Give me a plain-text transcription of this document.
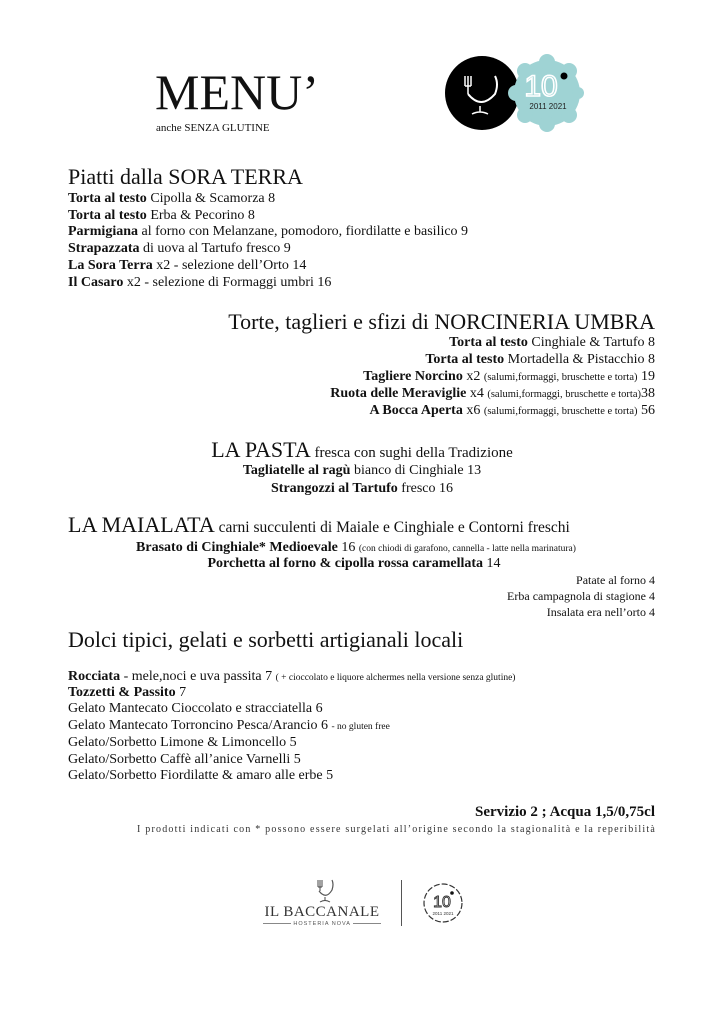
MENU’
anche SENZA GLUTINE
10
2011 2021
Piatti dalla SORA TERRA
Torta al testo Cipolla & Scamorza 8
Torta al testo Erba & Pecorino 8
Parmigiana al forno con Melanzane, pomodoro, fiordilatte e basilico 9
Strapazzata di uova al Tartufo fresco 9
La Sora Terra x2 - selezione dell’Orto 14
Il Casaro x2 - selezione di Formaggi umbri 16
Torte, taglieri e sfizi di NORCINERIA UMBRA
Torta al testo Cinghiale & Tartufo 8
Torta al testo Mortadella & Pistacchio 8
Tagliere Norcino x2 (salumi,formaggi, bruschette e torta) 19
Ruota delle Meraviglie x4 (salumi,formaggi, bruschette e torta)38
A Bocca Aperta x6 (salumi,formaggi, bruschette e torta) 56
LA PASTA fresca con sughi della Tradizione
Tagliatelle al ragù bianco di Cinghiale 13
Strangozzi al Tartufo fresco 16
LA MAIALATA carni succulenti di Maiale e Cinghiale e Contorni freschi
Brasato di Cinghiale* Medioevale 16 (con chiodi di garafono, cannella - latte nella marinatura)
Porchetta al forno & cipolla rossa caramellata 14
Patate al forno 4
Erba campagnola di stagione 4
Insalata era nell’orto 4
Dolci tipici, gelati e sorbetti artigianali locali
Rocciata - mele,noci e uva passita 7 ( + cioccolato e liquore alchermes nella versione senza glutine)
Tozzetti & Passito 7
Gelato Mantecato Cioccolato e stracciatella 6
Gelato Mantecato Torroncino Pesca/Arancio 6 - no gluten free
Gelato/Sorbetto Limone & Limoncello 5
Gelato/Sorbetto Caffè all’anice Varnelli 5
Gelato/Sorbetto Fiordilatte & amaro alle erbe 5
Servizio 2 ; Acqua 1,5/0,75cl
I prodotti indicati con * possono essere surgelati all’origine secondo la stagionalità e la reperibilità
IL BACCANALE
HOSTERIA NOVA
10
2011 2021
